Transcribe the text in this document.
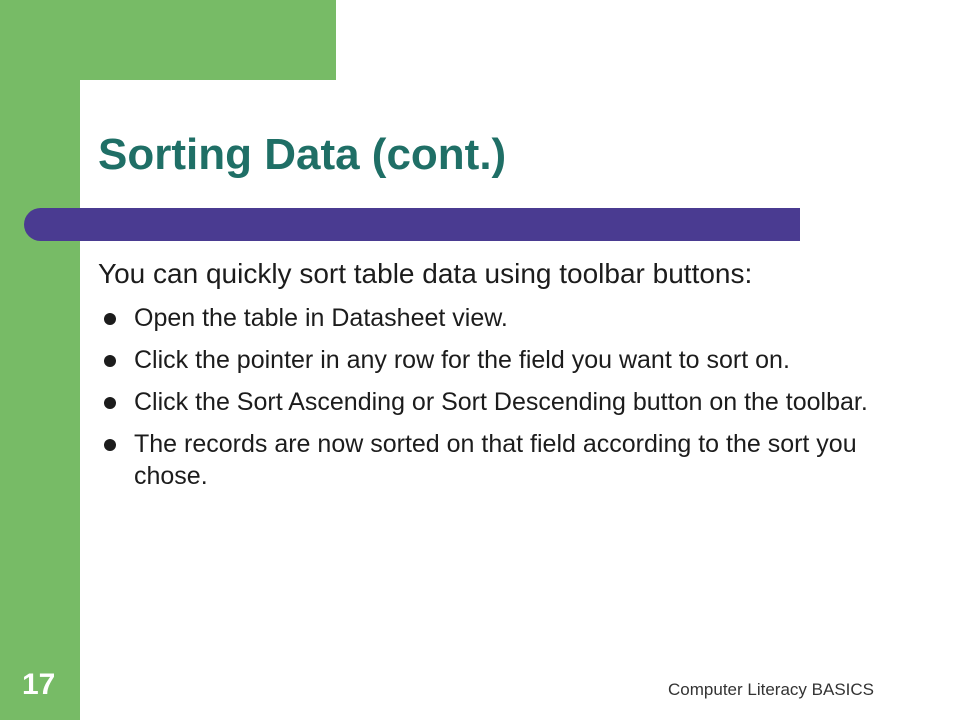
Sorting Data (cont.)

You can quickly sort table data using toolbar buttons:

Open the table in Datasheet view.
Click the pointer in any row for the field you want to sort on.
Click the Sort Ascending or Sort Descending button on the toolbar.
The records are now sorted on that field according to the sort you chose.
17	Computer Literacy BASICS
